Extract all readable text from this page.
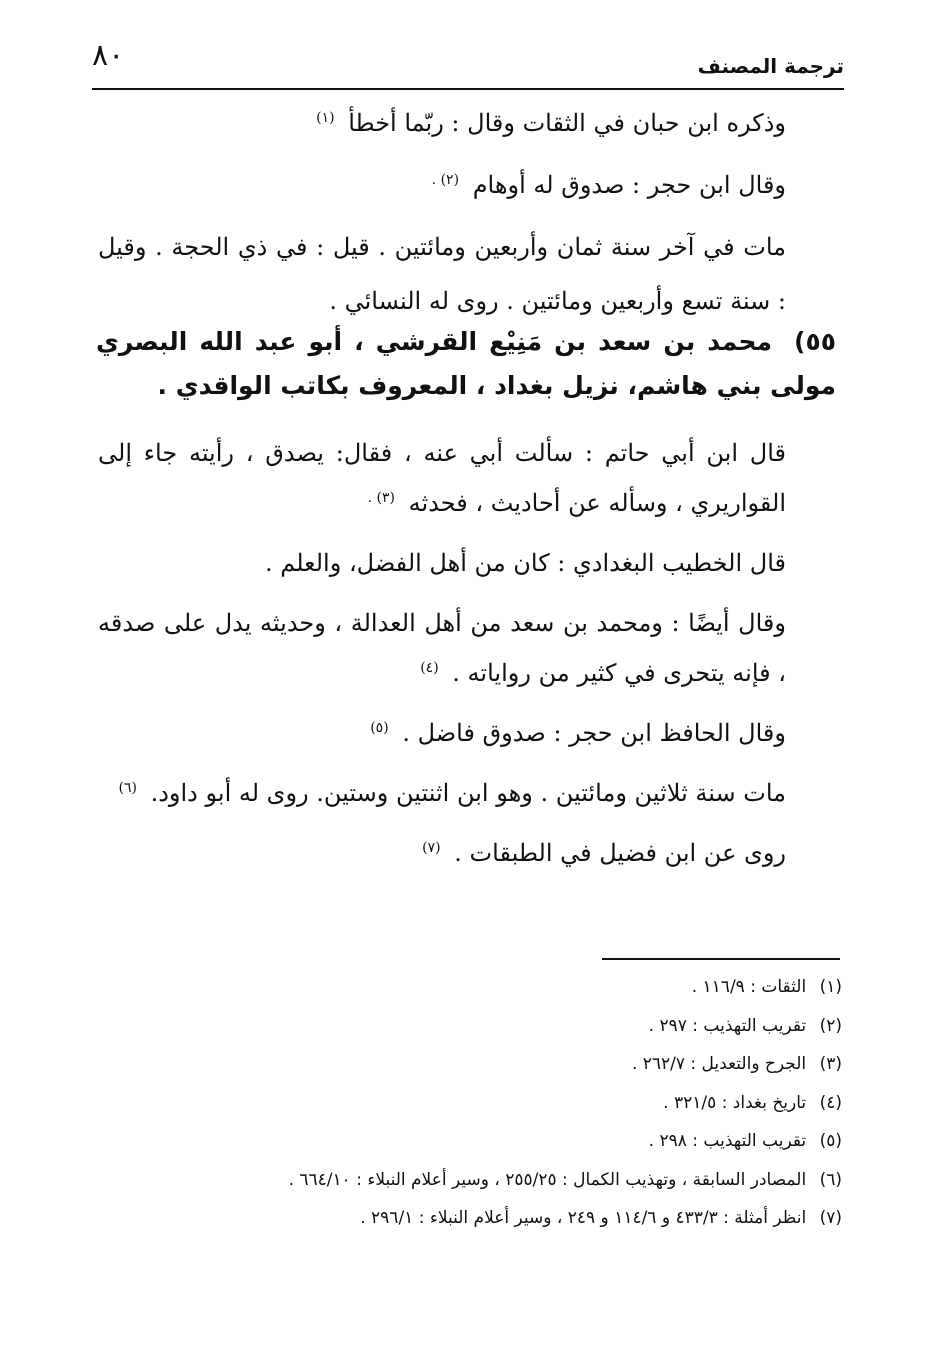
ترجمة المصنف
٨٠

وذكره ابن حبان في الثقات وقال : ربّما أخطأ $^{(١)}$

وقال ابن حجر : صدوق له أوهام $^{(٢) .}$

مات في آخر سنة ثمان وأربعين ومائتين . قيل : في ذي الحجة . وقيل : سنة تسع وأربعين ومائتين . روى له النسائي .

٥٥) محمد بن سعد بن مَنِيْع القرشي ، أبو عبد الله البصري مولى بني هاشم، نزيل بغداد ، المعروف بكاتب الواقدي .

قال ابن أبي حاتم : سألت أبي عنه ، فقال: يصدق ، رأيته جاء إلى القواريري ، وسأله عن أحاديث ، فحدثه $^{(٣) .}$

قال الخطيب البغدادي : كان من أهل الفضل، والعلم .

وقال أيضًا : ومحمد بن سعد من أهل العدالة ، وحديثه يدل على صدقه ، فإنه يتحرى في كثير من رواياته . $^{(٤)}$

وقال الحافظ ابن حجر : صدوق فاضل . $^{(٥)}$

مات سنة ثلاثين ومائتين . وهو ابن اثنتين وستين. روى له أبو داود. $^{(٦)}$

روى عن ابن فضيل في الطبقات . $^{(٧)}$

(١) الثقات : ١١٦/٩ .
(٢) تقريب التهذيب : ٢٩٧ .
(٣) الجرح والتعديل : ٢٦٢/٧ .
(٤) تاريخ بغداد : ٣٢١/٥ .
(٥) تقريب التهذيب : ٢٩٨ .
(٦) المصادر السابقة ، وتهذيب الكمال : ٢٥٥/٢٥ ، وسير أعلام النبلاء : ٦٦٤/١٠ .
(٧) انظر أمثلة : ٤٣٣/٣ و ١١٤/٦ و ٢٤٩ ، وسير أعلام النبلاء : ٢٩٦/١ .
